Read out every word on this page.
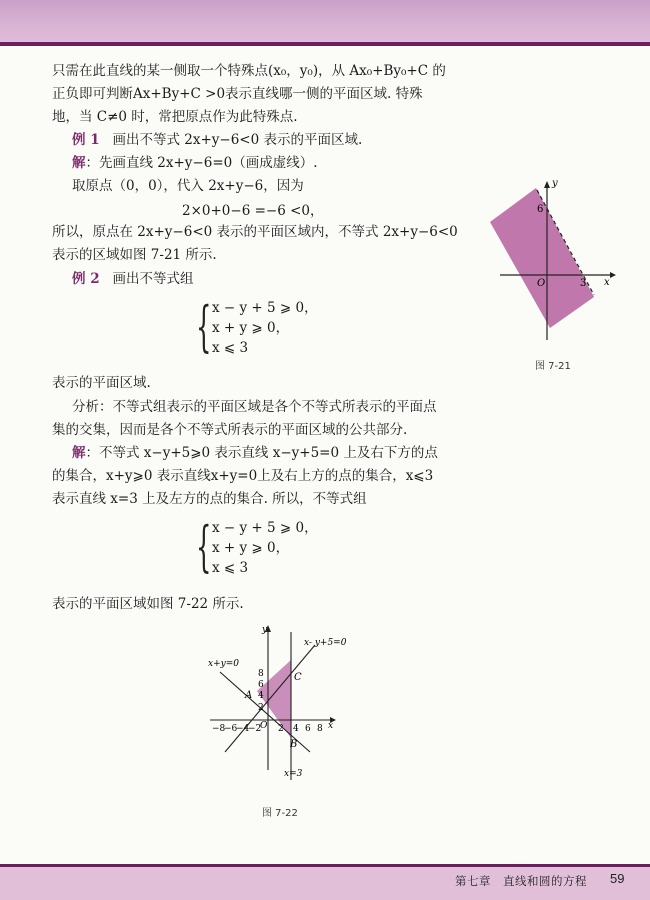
只需在此直线的某一侧取一个特殊点(x₀，y₀)，从 Ax₀+By₀+C 的
正负即可判断Ax+By+C >0表示直线哪一侧的平面区域. 特殊
地，当 C≠0 时，常把原点作为此特殊点.
例 1 画出不等式 2x+y−6<0 表示的平面区域.
解：先画直线 2x+y−6=0（画成虚线）.
取原点（0，0），代入 2x+y−6，因为
2×0+0−6 =−6 <0，
所以，原点在 2x+y−6<0 表示的平面区域内，不等式 2x+y−6<0
表示的区域如图 7-21 所示.
例 2 画出不等式组
{ x − y + 5 ⩾ 0，
x + y ⩾ 0，
x ⩽ 3
表示的平面区域.
分析：不等式组表示的平面区域是各个不等式所表示的平面点
集的交集，因而是各个不等式所表示的平面区域的公共部分.
解：不等式 x−y+5⩾0 表示直线 x−y+5=0 上及右下方的点
的集合，x+y⩾0 表示直线x+y=0上及右上方的点的集合，x⩽3
表示直线 x=3 上及左方的点的集合. 所以，不等式组
{ x − y + 5 ⩾ 0，
x + y ⩾ 0，
x ⩽ 3
表示的平面区域如图 7-22 所示.
y
x
6
O	3
图 7-21
y
x
x- y+5=0
x+y=0
x=3
A
B
C
O
−8
−6
−4
−2 2 4 6 8
2
4
6
8
图 7-22
第七章　直线和圆的方程 59
